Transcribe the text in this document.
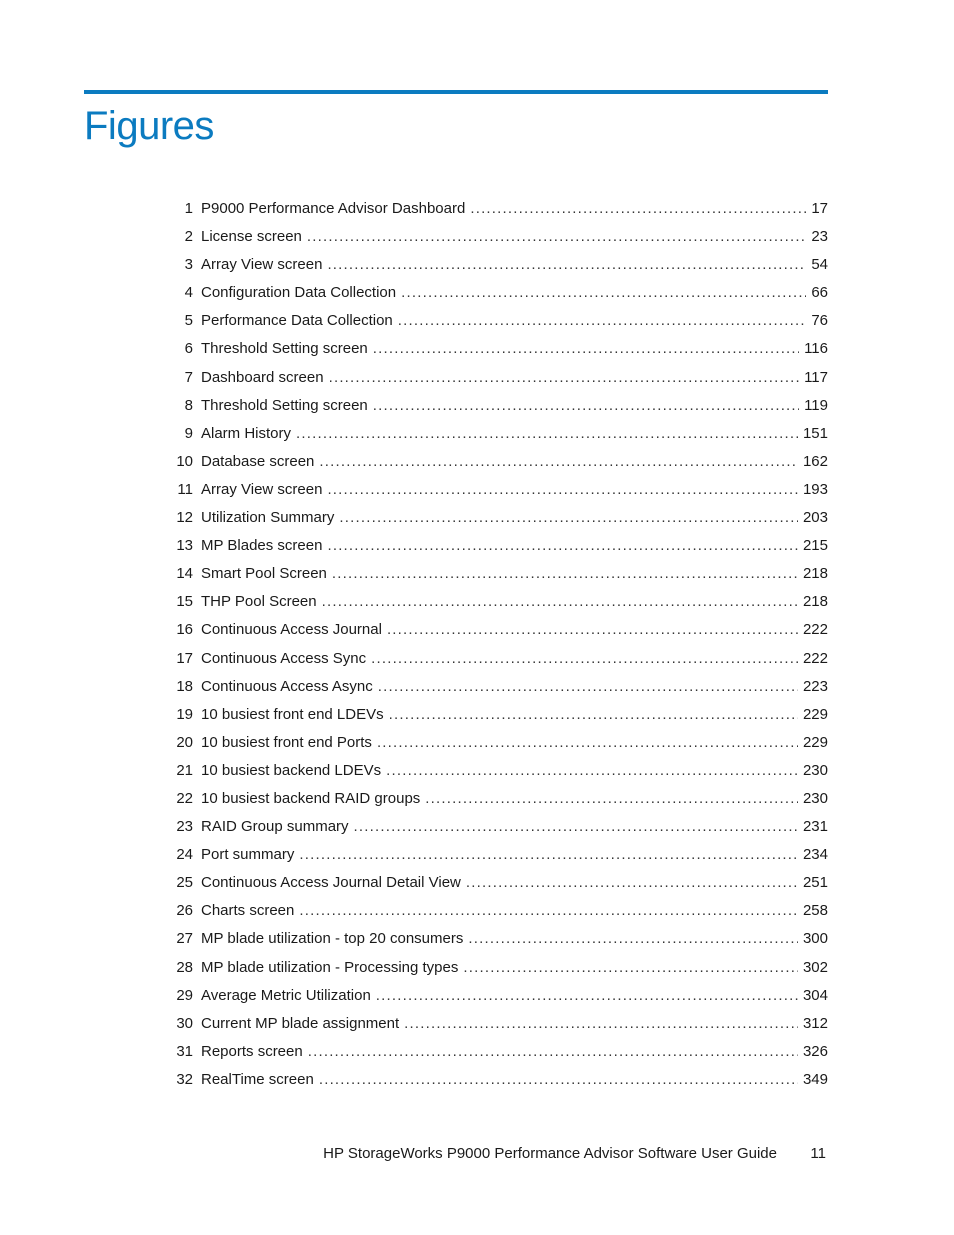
Figures
1 P9000 Performance Advisor Dashboard .....	17
2 License screen .....	23
3 Array View screen .....	54
4 Configuration Data Collection .....	66
5 Performance Data Collection .....	76
6 Threshold Setting screen .....	116
7 Dashboard screen .....	117
8 Threshold Setting screen .....	119
9 Alarm History .....	151
10 Database screen .....	162
11 Array View screen .....	193
12 Utilization Summary .....	203
13 MP Blades screen .....	215
14 Smart Pool Screen .....	218
15 THP Pool Screen .....	218
16 Continuous Access Journal .....	222
17 Continuous Access Sync .....	222
18 Continuous Access Async .....	223
19 10 busiest front end LDEVs .....	229
20 10 busiest front end Ports .....	229
21 10 busiest backend LDEVs .....	230
22 10 busiest backend RAID groups .....	230
23 RAID Group summary .....	231
24 Port summary .....	234
25 Continuous Access Journal Detail View .....	251
26 Charts screen .....	258
27 MP blade utilization - top 20 consumers .....	300
28 MP blade utilization - Processing types .....	302
29 Average Metric Utilization .....	304
30 Current MP blade assignment .....	312
31 Reports screen .....	326
32 RealTime screen .....	349
HP StorageWorks P9000 Performance Advisor Software User Guide 11
